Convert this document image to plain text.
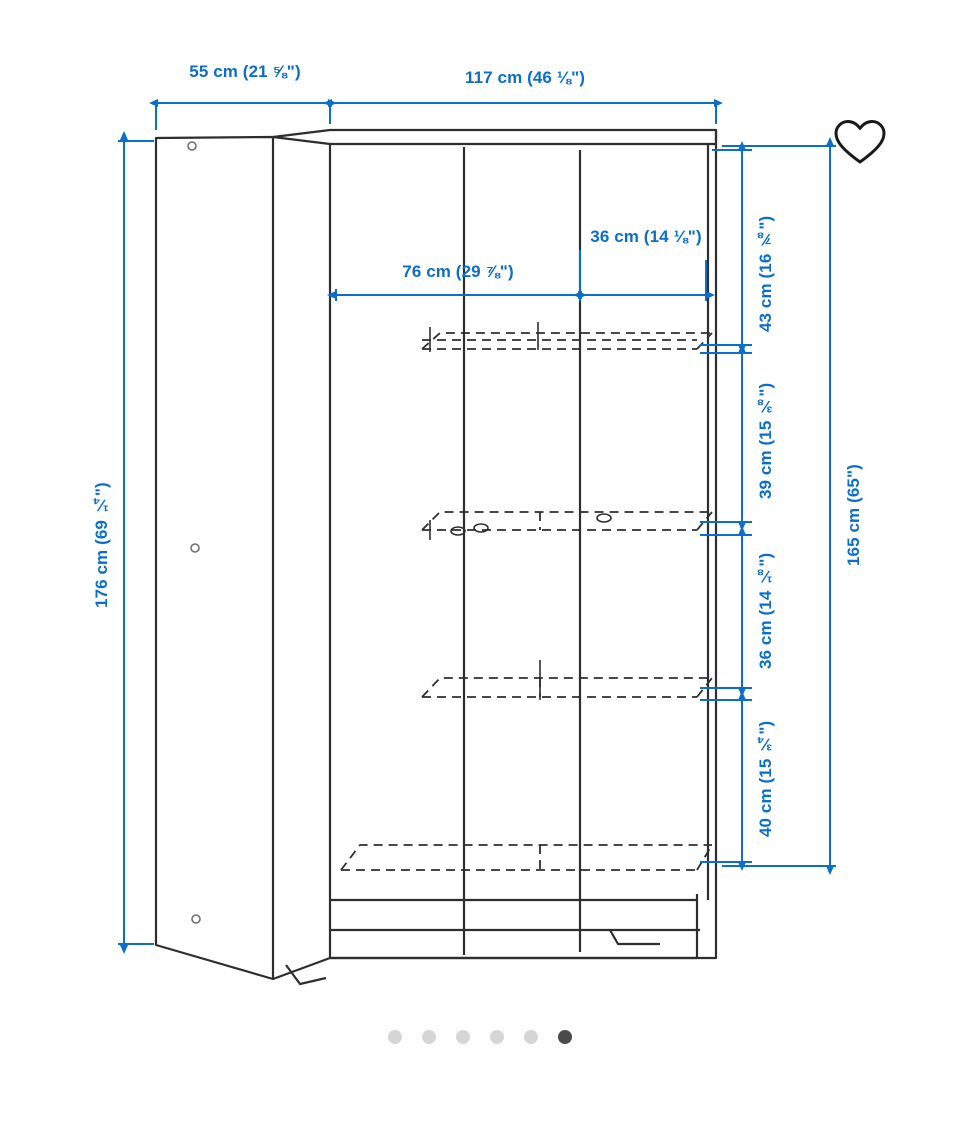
55 cm (21 ⅝")	117 cm (46 ⅛")
76 cm (29 ⅞")
36 cm (14 ⅛")
176 cm (69 ¼")	165 cm (65")
43 cm (16 ⅞")
39 cm (15 ⅜")
36 cm (14 ⅛")
40 cm (15 ¾")
